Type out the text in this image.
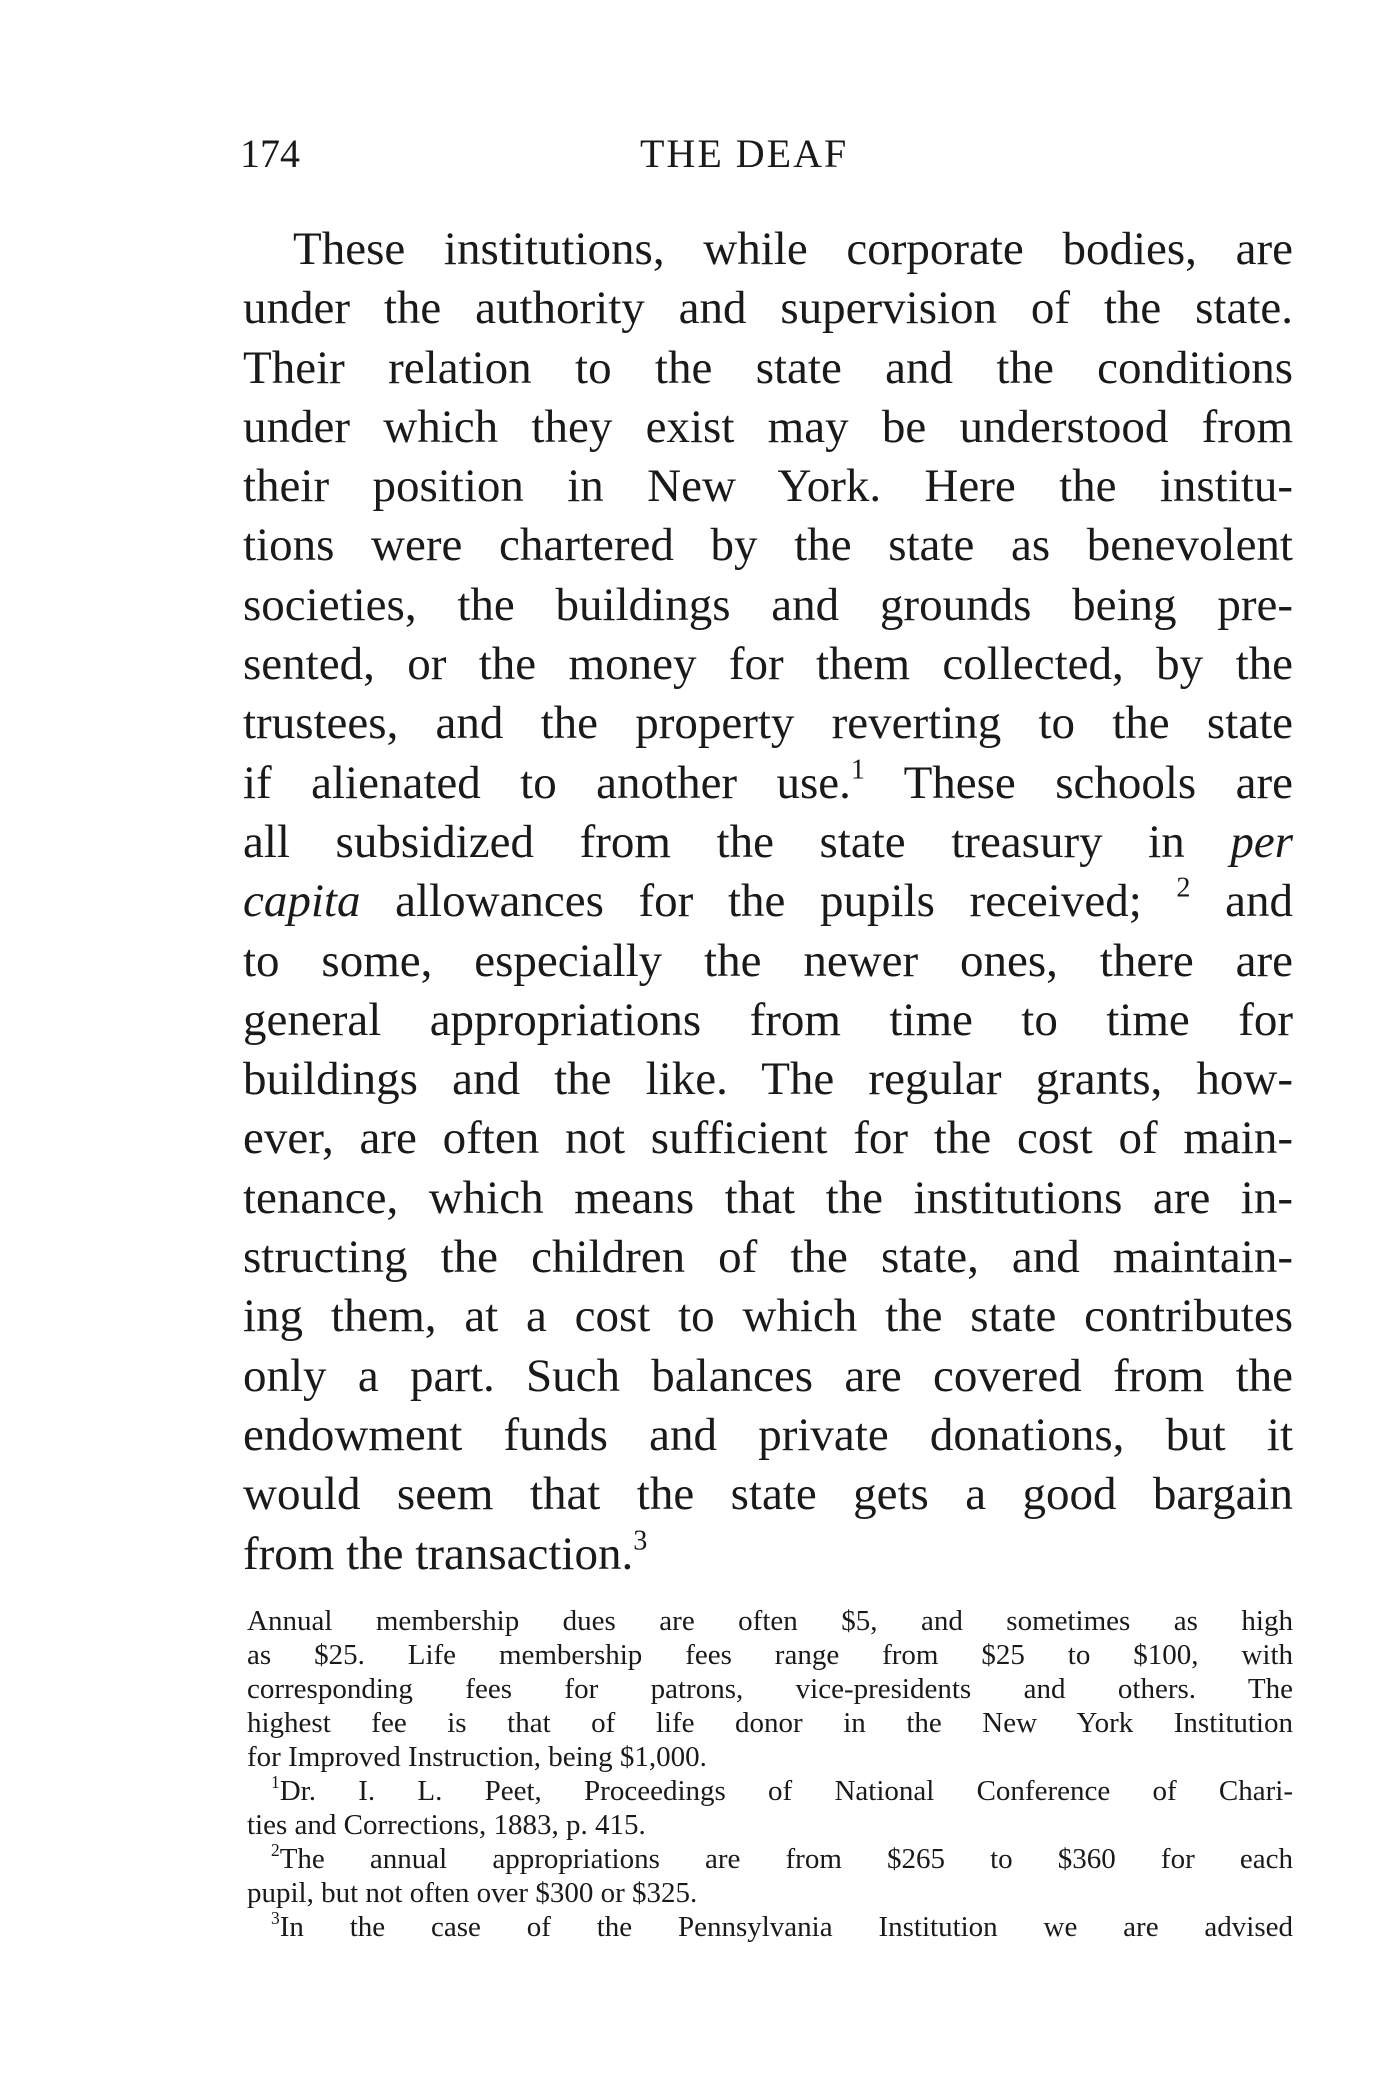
174	THE DEAF
These institutions, while corporate bodies, are
under the authority and supervision of the state.
Their relation to the state and the conditions
under which they exist may be understood from
their position in New York. Here the institu-
tions were chartered by the state as benevolent
societies, the buildings and grounds being pre-
sented, or the money for them collected, by the
trustees, and the property reverting to the state
if alienated to another use.$^1$ These schools are
all subsidized from the state treasury in per
capita allowances for the pupils received; $^2$ and
to some, especially the newer ones, there are
general appropriations from time to time for
buildings and the like. The regular grants, how-
ever, are often not sufficient for the cost of main-
tenance, which means that the institutions are in-
structing the children of the state, and maintain-
ing them, at a cost to which the state contributes
only a part. Such balances are covered from the
endowment funds and private donations, but it
would seem that the state gets a good bargain
from the transaction.$^3$
Annual membership dues are often $5, and sometimes as high
as $25. Life membership fees range from $25 to $100, with
corresponding fees for patrons, vice-presidents and others. The
highest fee is that of life donor in the New York Institution
for Improved Instruction, being $1,000.
$^1$Dr. I. L. Peet, Proceedings of National Conference of Chari-
ties and Corrections, 1883, p. 415.
$^2$The annual appropriations are from $265 to $360 for each
pupil, but not often over $300 or $325.
$^3$In the case of the Pennsylvania Institution we are advised
